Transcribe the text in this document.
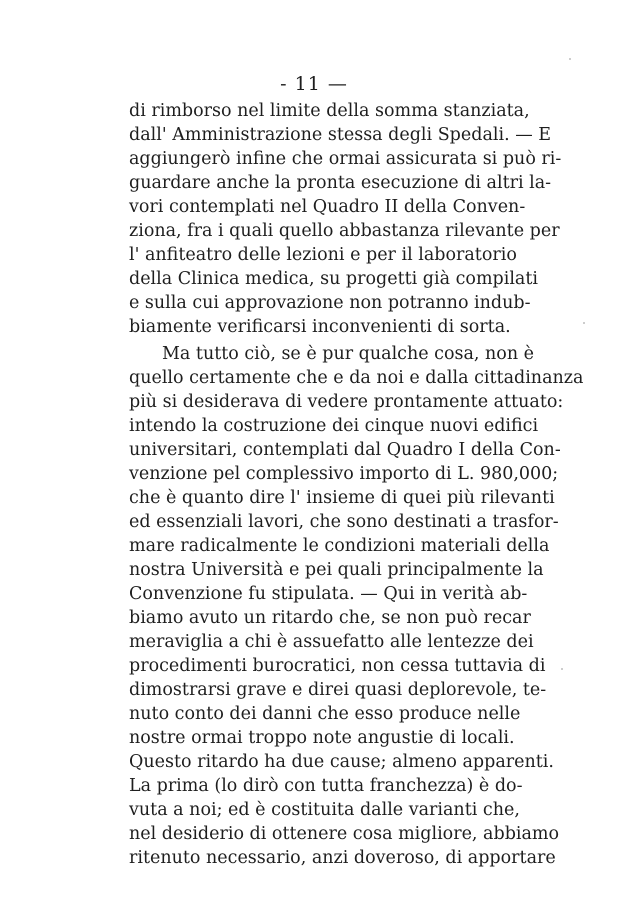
- 11 —
di rimborso nel limite della somma stanziata,
dall' Amministrazione stessa degli Spedali. — E
aggiungerò infine che ormai assicurata si può ri-
guardare anche la pronta esecuzione di altri la-
vori contemplati nel Quadro II della Conven-
ziona, fra i quali quello abbastanza rilevante per
l' anfiteatro delle lezioni e per il laboratorio
della Clinica medica, su progetti già compilati
e sulla cui approvazione non potranno indub-
biamente verificarsi inconvenienti di sorta.
Ma tutto ciò, se è pur qualche cosa, non è
quello certamente che e da noi e dalla cittadinanza
più si desiderava di vedere prontamente attuato:
intendo la costruzione dei cinque nuovi edifici
universitari, contemplati dal Quadro I della Con-
venzione pel complessivo importo di L. 980,000;
che è quanto dire l' insieme di quei più rilevanti
ed essenziali lavori, che sono destinati a trasfor-
mare radicalmente le condizioni materiali della
nostra Università e pei quali principalmente la
Convenzione fu stipulata. — Qui in verità ab-
biamo avuto un ritardo che, se non può recar
meraviglia a chi è assuefatto alle lentezze dei
procedimenti burocratici, non cessa tuttavia di
dimostrarsi grave e direi quasi deplorevole, te-
nuto conto dei danni che esso produce nelle
nostre ormai troppo note angustie di locali.
Questo ritardo ha due cause; almeno apparenti.
La prima (lo dirò con tutta franchezza) è do-
vuta a noi; ed è costituita dalle varianti che,
nel desiderio di ottenere cosa migliore, abbiamo
ritenuto necessario, anzi doveroso, di apportare
